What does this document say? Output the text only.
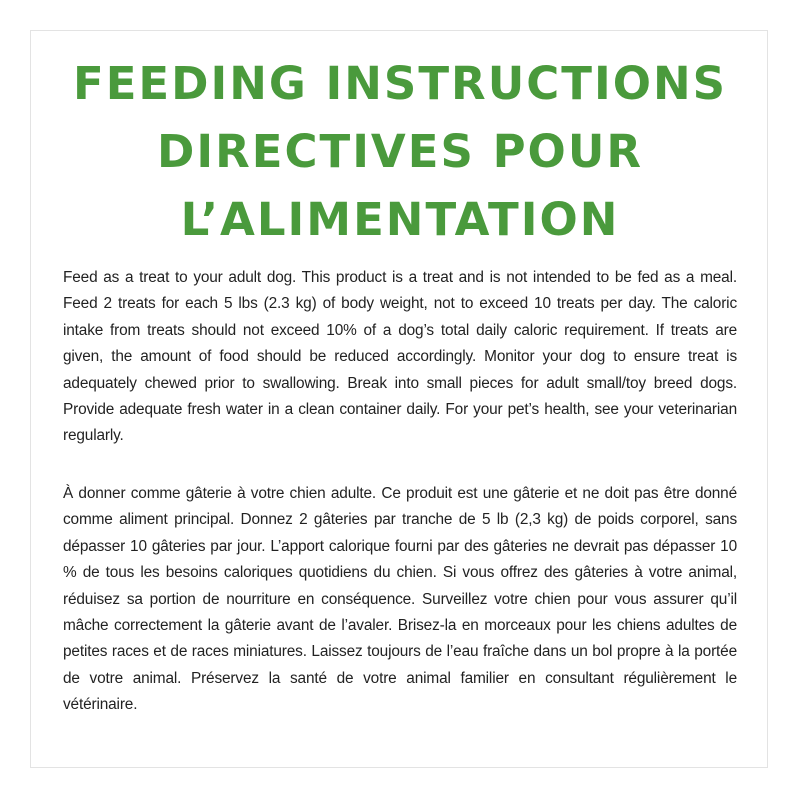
FEEDING INSTRUCTIONS
DIRECTIVES POUR
L’ALIMENTATION

Feed as a treat to your adult dog. This product is a treat and is not intended to be fed as a meal. Feed 2 treats for each 5 lbs (2.3 kg) of body weight, not to exceed 10 treats per day. The caloric intake from treats should not exceed 10% of a dog’s total daily caloric requirement. If treats are given, the amount of food should be reduced accordingly. Monitor your dog to ensure treat is adequately chewed prior to swallowing. Break into small pieces for adult small/toy breed dogs. Provide adequate fresh water in a clean container daily. For your pet’s health, see your veterinarian regularly.

À donner comme gâterie à votre chien adulte. Ce produit est une gâterie et ne doit pas être donné comme aliment principal. Donnez 2 gâteries par tranche de 5 lb (2,3 kg) de poids corporel, sans dépasser 10 gâteries par jour. L’apport calorique fourni par des gâteries ne devrait pas dépasser 10 % de tous les besoins caloriques quotidiens du chien. Si vous offrez des gâteries à votre animal, réduisez sa portion de nourriture en conséquence. Surveillez votre chien pour vous assurer qu’il mâche correctement la gâterie avant de l’avaler. Brisez-la en morceaux pour les chiens adultes de petites races et de races miniatures. Laissez toujours de l’eau fraîche dans un bol propre à la portée de votre animal. Préservez la santé de votre animal familier en consultant régulièrement le vétérinaire.
